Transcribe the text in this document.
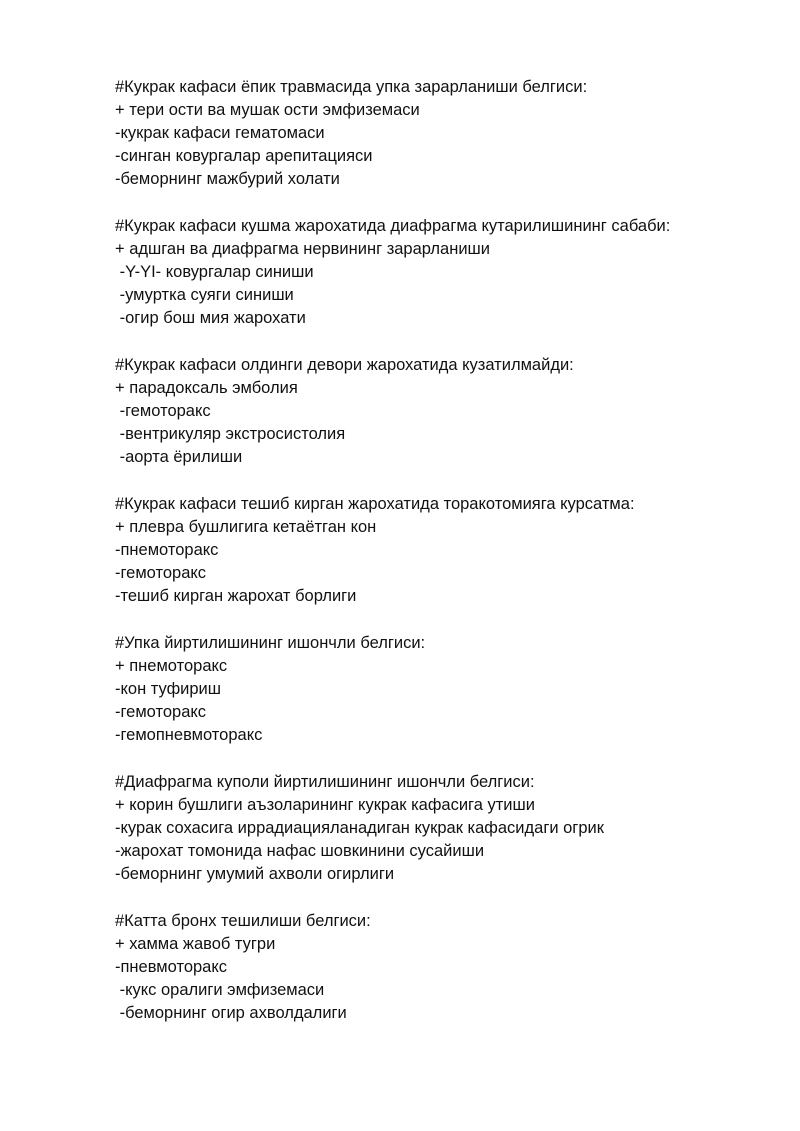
#Кукрак кафаси ёпик травмасида упка зарарланиши белгиси:

+ тери ости ва мушак ости эмфиземаси

-кукрак кафаси гематомаси

-синган ковургалар арепитацияси

-беморнинг мажбурий холати

#Кукрак кафаси кушма жарохатида диафрагма кутарилишининг сабаби:

+ адшган ва диафрагма нервининг зарарланиши

-Y-YI- ковургалар синиши

-умуртка суяги синиши

-огир бош мия жарохати

#Кукрак кафаси олдинги девори жарохатида кузатилмайди:

+ парадоксаль эмболия

-гемоторакс

-вентрикуляр экстросистолия

-аорта ёрилиши

#Кукрак кафаси тешиб кирган жарохатида торакотомияга курсатма:

+ плевра бушлигига кетаётган кон

-пнемоторакс

-гемоторакс

-тешиб кирган жарохат борлиги

#Упка йиртилишининг ишончли белгиси:

+ пнемоторакс

-кон туфириш

-гемоторакс

-гемопневмоторакс

#Диафрагма куполи йиртилишининг ишончли белгиси:

+ корин бушлиги аъзоларининг кукрак кафасига утиши

-курак сохасига иррадиацияланадиган кукрак кафасидаги огрик

-жарохат томонида нафас шовкинини сусайиши

-беморнинг умумий ахволи огирлиги

#Катта бронх тешилиши белгиси:

+ хамма жавоб тугри

-пневмоторакс

-кукс оралиги эмфиземаси

-беморнинг огир ахволдалиги
